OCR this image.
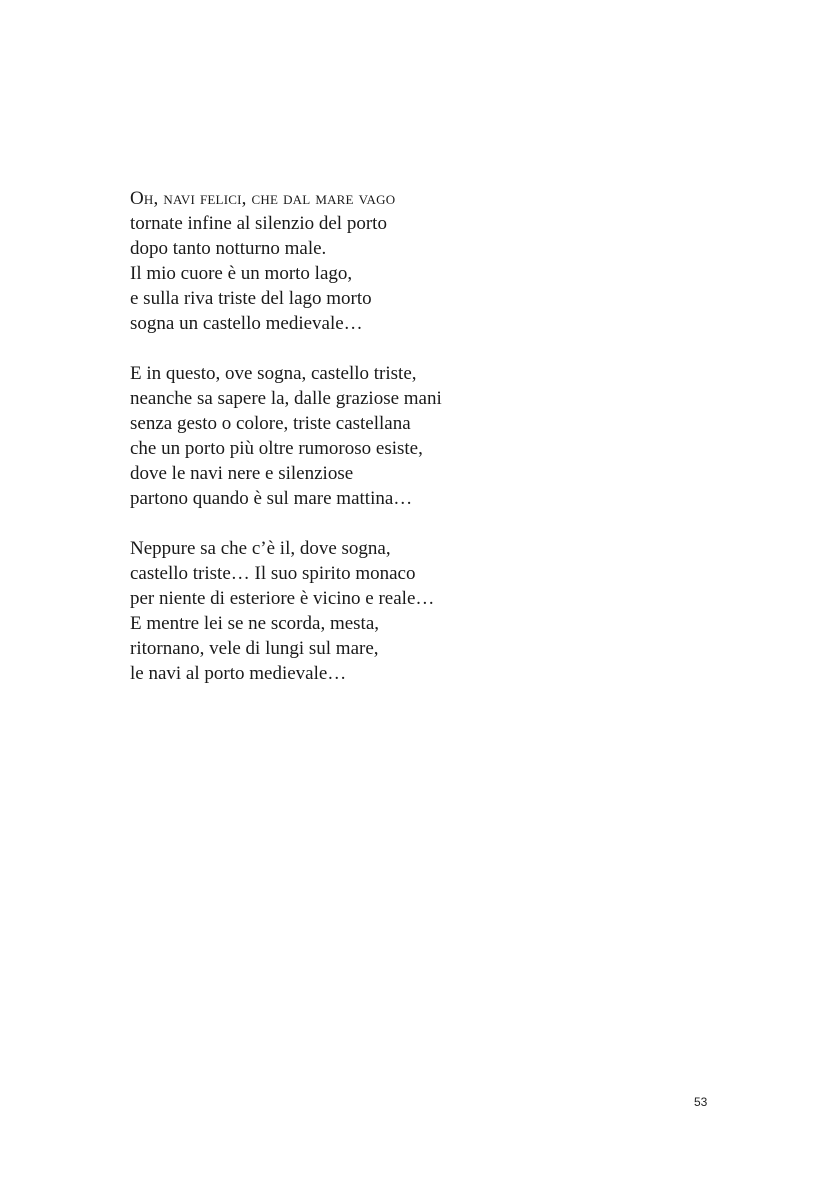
Oh, navi felici, che dal mare vago
tornate infine al silenzio del porto
dopo tanto notturno male.
Il mio cuore è un morto lago,
e sulla riva triste del lago morto
sogna un castello medievale…
E in questo, ove sogna, castello triste,
neanche sa sapere la, dalle graziose mani
senza gesto o colore, triste castellana
che un porto più oltre rumoroso esiste,
dove le navi nere e silenziose
partono quando è sul mare mattina…
Neppure sa che c’è il, dove sogna,
castello triste… Il suo spirito monaco
per niente di esteriore è vicino e reale…
E mentre lei se ne scorda, mesta,
ritornano, vele di lungi sul mare,
le navi al porto medievale…
53
